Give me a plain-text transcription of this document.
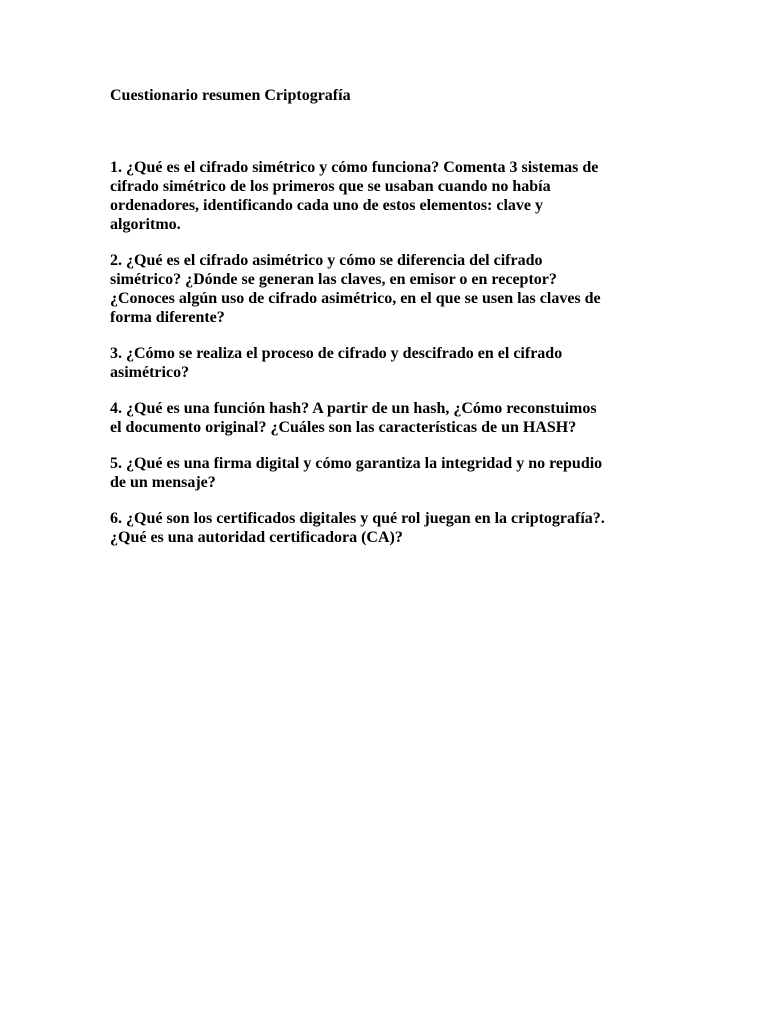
Cuestionario resumen Criptografía
1. ¿Qué es el cifrado simétrico y cómo funciona? Comenta 3 sistemas de
cifrado simétrico de los primeros que se usaban cuando no había
ordenadores, identificando cada uno de estos elementos: clave y
algoritmo.
2. ¿Qué es el cifrado asimétrico y cómo se diferencia del cifrado
simétrico? ¿Dónde se generan las claves, en emisor o en receptor?
¿Conoces algún uso de cifrado asimétrico, en el que se usen las claves de
forma diferente?
3. ¿Cómo se realiza el proceso de cifrado y descifrado en el cifrado
asimétrico?
4. ¿Qué es una función hash? A partir de un hash, ¿Cómo reconstuimos
el documento original? ¿Cuáles son las características de un HASH?
5. ¿Qué es una firma digital y cómo garantiza la integridad y no repudio
de un mensaje?
6. ¿Qué son los certificados digitales y qué rol juegan en la criptografía?.
¿Qué es una autoridad certificadora (CA)?
